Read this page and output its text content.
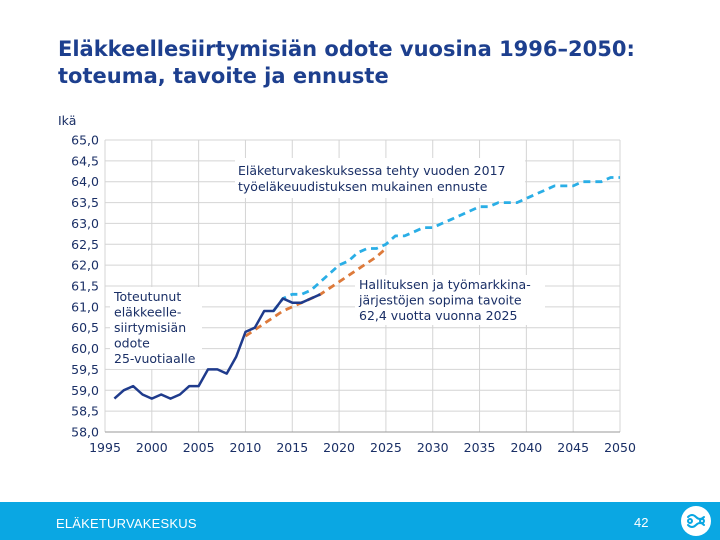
Eläkkeellesiirtymisiän odote vuosina 1996–2050:
toteuma, tavoite ja ennuste
Ikä
65,0
64,5
64,0
63,5
63,0
62,5
62,0
61,5
61,0
60,5
60,0
59,5
59,0
58,5
58,0
1995 2000 2005 2010 2015 2020 2025 2030 2035 2040 2045 2050
Eläketurvakeskuksessa tehty vuoden 2017
työeläkeuudistuksen mukainen ennuste
Toteutunut
eläkkeelle-
siirtymisiän
odote
25-vuotiaalle
Hallituksen ja työmarkkina-
järjestöjen sopima tavoite
62,4 vuotta vuonna 2025
ELÄKETURVAKESKUS	42
